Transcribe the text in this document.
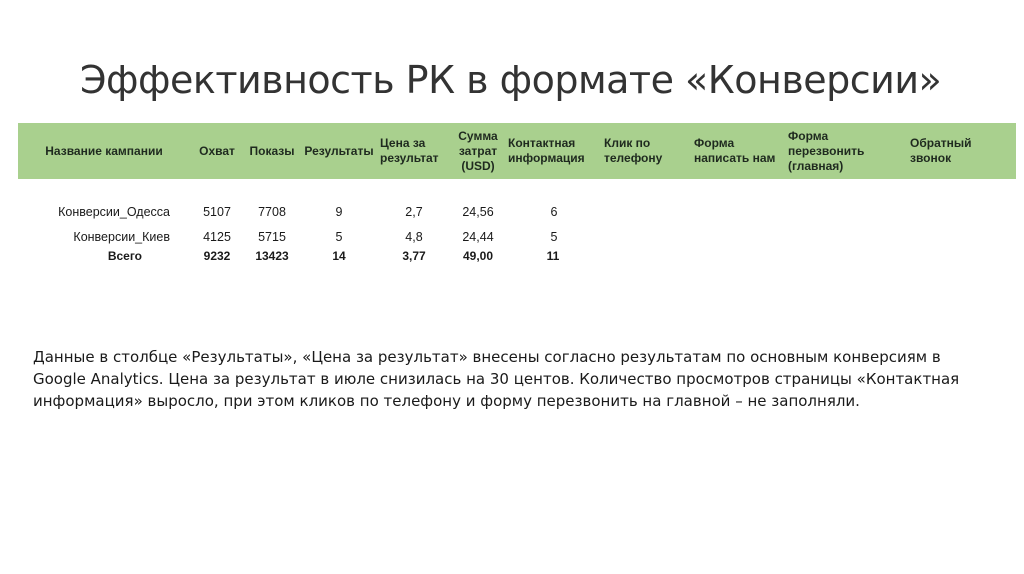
Эффективность РК в формате «Конверсии»
Название кампании	Охват	Показы	Результаты	Цена за результат	Сумма затрат (USD)	Контактная информация	Клик по телефону	Форма написать нам	Форма перезвонить (главная)	Обратный звонок

Конверсии_Одесса	5107	7708	9	2,7	24,56	6				
Конверсии_Киев	4125	5715	5	4,8	24,44	5				
Всего	9232	13423	14	3,77	49,00	11				

Данные в столбце «Результаты», «Цена за результат» внесены согласно результатам по основным конверсиям в Google Analytics. Цена за результат в июле снизилась на 30 центов. Количество просмотров страницы «Контактная информация» выросло, при этом кликов по телефону и форму перезвонить на главной – не заполняли.
